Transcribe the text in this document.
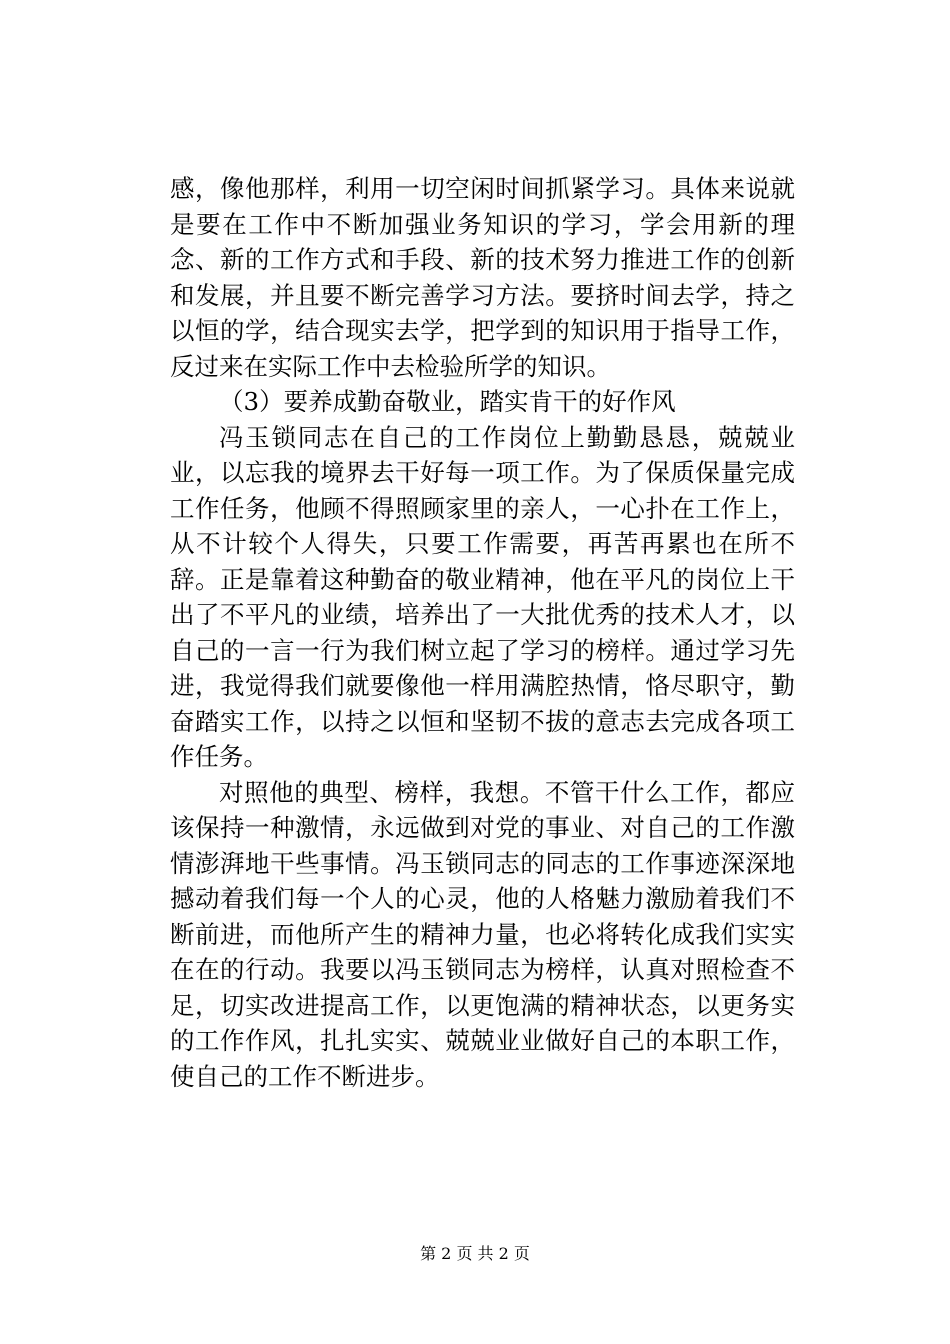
感，像他那样，利用一切空闲时间抓紧学习。具体来说就是要在工作中不断加强业务知识的学习，学会用新的理念、新的工作方式和手段、新的技术努力推进工作的创新和发展，并且要不断完善学习方法。要挤时间去学，持之以恒的学，结合现实去学，把学到的知识用于指导工作，反过来在实际工作中去检验所学的知识。

（3）要养成勤奋敬业，踏实肯干的好作风

冯玉锁同志在自己的工作岗位上勤勤恳恳，兢兢业业，以忘我的境界去干好每一项工作。为了保质保量完成工作任务，他顾不得照顾家里的亲人，一心扑在工作上，从不计较个人得失，只要工作需要，再苦再累也在所不辞。正是靠着这种勤奋的敬业精神，他在平凡的岗位上干出了不平凡的业绩，培养出了一大批优秀的技术人才，以自己的一言一行为我们树立起了学习的榜样。通过学习先进，我觉得我们就要像他一样用满腔热情，恪尽职守，勤奋踏实工作，以持之以恒和坚韧不拔的意志去完成各项工作任务。

对照他的典型、榜样，我想。不管干什么工作，都应该保持一种激情，永远做到对党的事业、对自己的工作激情澎湃地干些事情。冯玉锁同志的同志的工作事迹深深地撼动着我们每一个人的心灵，他的人格魅力激励着我们不断前进，而他所产生的精神力量，也必将转化成我们实实在在的行动。我要以冯玉锁同志为榜样，认真对照检查不足，切实改进提高工作，以更饱满的精神状态，以更务实的工作作风，扎扎实实、兢兢业业做好自己的本职工作，使自己的工作不断进步。

第 2 页 共 2 页
